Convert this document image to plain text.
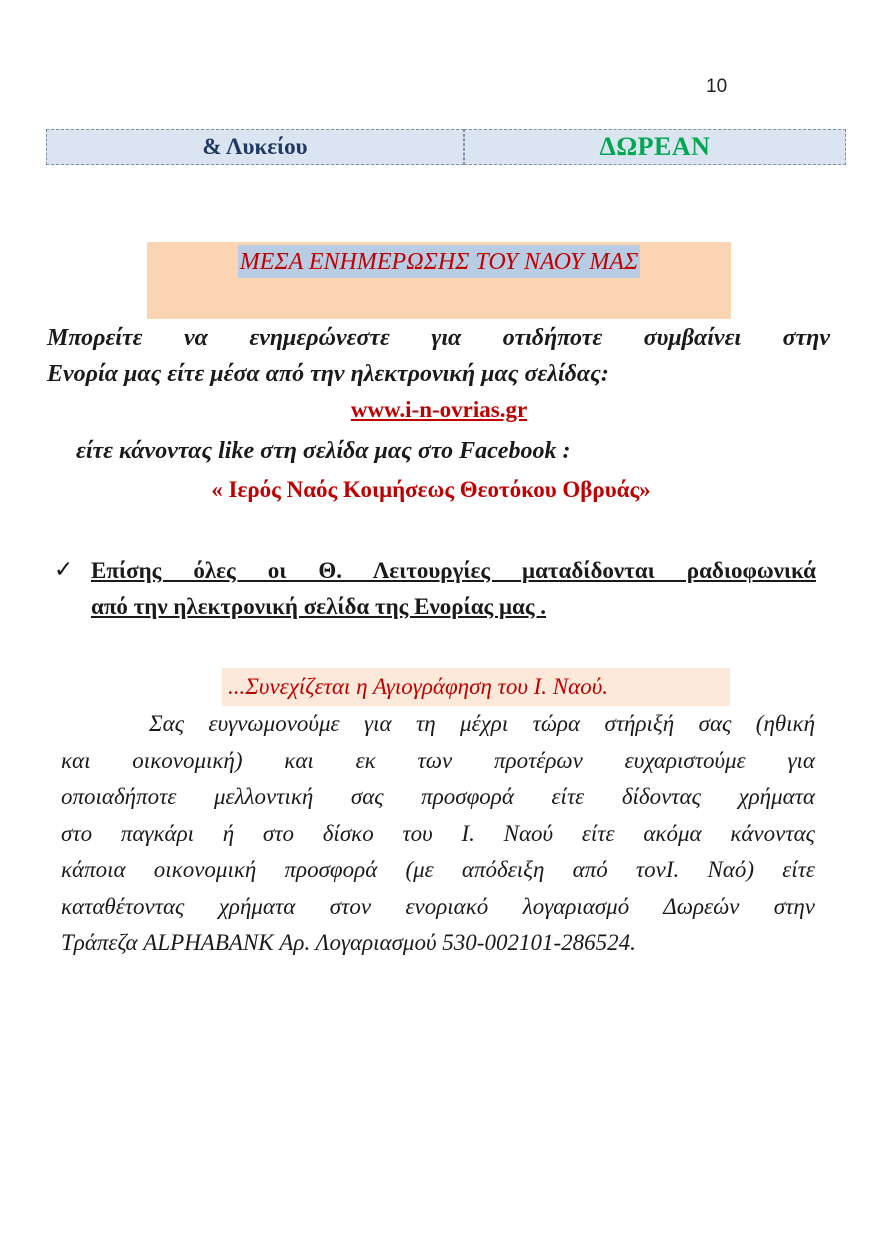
10
& Λυκείου	ΔΩΡΕΑΝ
ΜΕΣΑ ΕΝΗΜΕΡΩΣΗΣ ΤΟΥ ΝΑΟΥ ΜΑΣ
Μπορείτε να ενημερώνεστε για οτιδήποτε συμβαίνει στην
Ενορία μας είτε μέσα από την ηλεκτρονική μας σελίδας:
www.i-n-ovrias.gr
είτε κάνοντας like στη σελίδα μας στο Facebook :
« Ιερός Ναός Κοιμήσεως Θεοτόκου Οβρυάς»
✓ Επίσης όλες οι Θ. Λειτουργίες ματαδίδονται ραδιοφωνικά
από την ηλεκτρονική σελίδα της Ενορίας μας .
...Συνεχίζεται η Αγιογράφηση του Ι. Ναού.
Σας ευγνωμονούμε για τη μέχρι τώρα στήριξή σας (ηθική
και οικονομική) και εκ των προτέρων ευχαριστούμε για
οποιαδήποτε μελλοντική σας προσφορά είτε δίδοντας χρήματα
στο παγκάρι ή στο δίσκο του Ι. Ναού είτε ακόμα κάνοντας
κάποια οικονομική προσφορά (με απόδειξη από τονΙ. Ναό) είτε
καταθέτοντας χρήματα στον ενοριακό λογαριασμό Δωρεών στην
Τράπεζα ALPHABANK Αρ. Λογαριασμού 530-002101-286524.
